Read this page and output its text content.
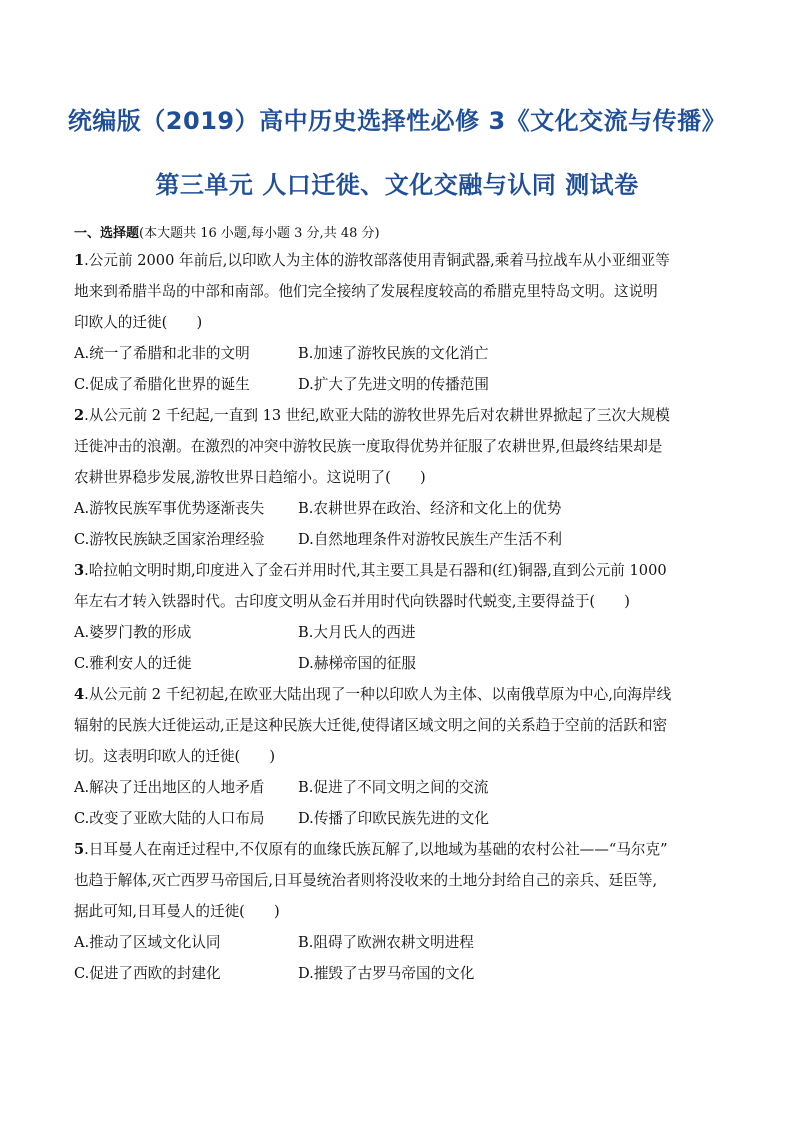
统编版（2019）高中历史选择性必修 3《文化交流与传播》
第三单元 人口迁徙、文化交融与认同 测试卷
一、选择题(本大题共 16 小题,每小题 3 分,共 48 分)
1.公元前 2000 年前后,以印欧人为主体的游牧部落使用青铜武器,乘着马拉战车从小亚细亚等
地来到希腊半岛的中部和南部。他们完全接纳了发展程度较高的希腊克里特岛文明。这说明
印欧人的迁徙(　　)
A.统一了希腊和北非的文明	B.加速了游牧民族的文化消亡
C.促成了希腊化世界的诞生	D.扩大了先进文明的传播范围
2.从公元前 2 千纪起,一直到 13 世纪,欧亚大陆的游牧世界先后对农耕世界掀起了三次大规模
迁徙冲击的浪潮。在激烈的冲突中游牧民族一度取得优势并征服了农耕世界,但最终结果却是
农耕世界稳步发展,游牧世界日趋缩小。这说明了(　　)
A.游牧民族军事优势逐渐丧失 B.农耕世界在政治、经济和文化上的优势
C.游牧民族缺乏国家治理经验 D.自然地理条件对游牧民族生产生活不利
3.哈拉帕文明时期,印度进入了金石并用时代,其主要工具是石器和(红)铜器,直到公元前 1000
年左右才转入铁器时代。古印度文明从金石并用时代向铁器时代蜕变,主要得益于(　　)
A.婆罗门教的形成	B.大月氏人的西进
C.雅利安人的迁徙	D.赫梯帝国的征服
4.从公元前 2 千纪初起,在欧亚大陆出现了一种以印欧人为主体、以南俄草原为中心,向海岸线
辐射的民族大迁徙运动,正是这种民族大迁徙,使得诸区域文明之间的关系趋于空前的活跃和密
切。这表明印欧人的迁徙(　　)
A.解决了迁出地区的人地矛盾 B.促进了不同文明之间的交流
C.改变了亚欧大陆的人口布局 D.传播了印欧民族先进的文化
5.日耳曼人在南迁过程中,不仅原有的血缘氏族瓦解了,以地域为基础的农村公社——“马尔克”
也趋于解体,灭亡西罗马帝国后,日耳曼统治者则将没收来的土地分封给自己的亲兵、廷臣等,
据此可知,日耳曼人的迁徙(　　)
A.推动了区域文化认同	B.阻碍了欧洲农耕文明进程
C.促进了西欧的封建化	D.摧毁了古罗马帝国的文化
